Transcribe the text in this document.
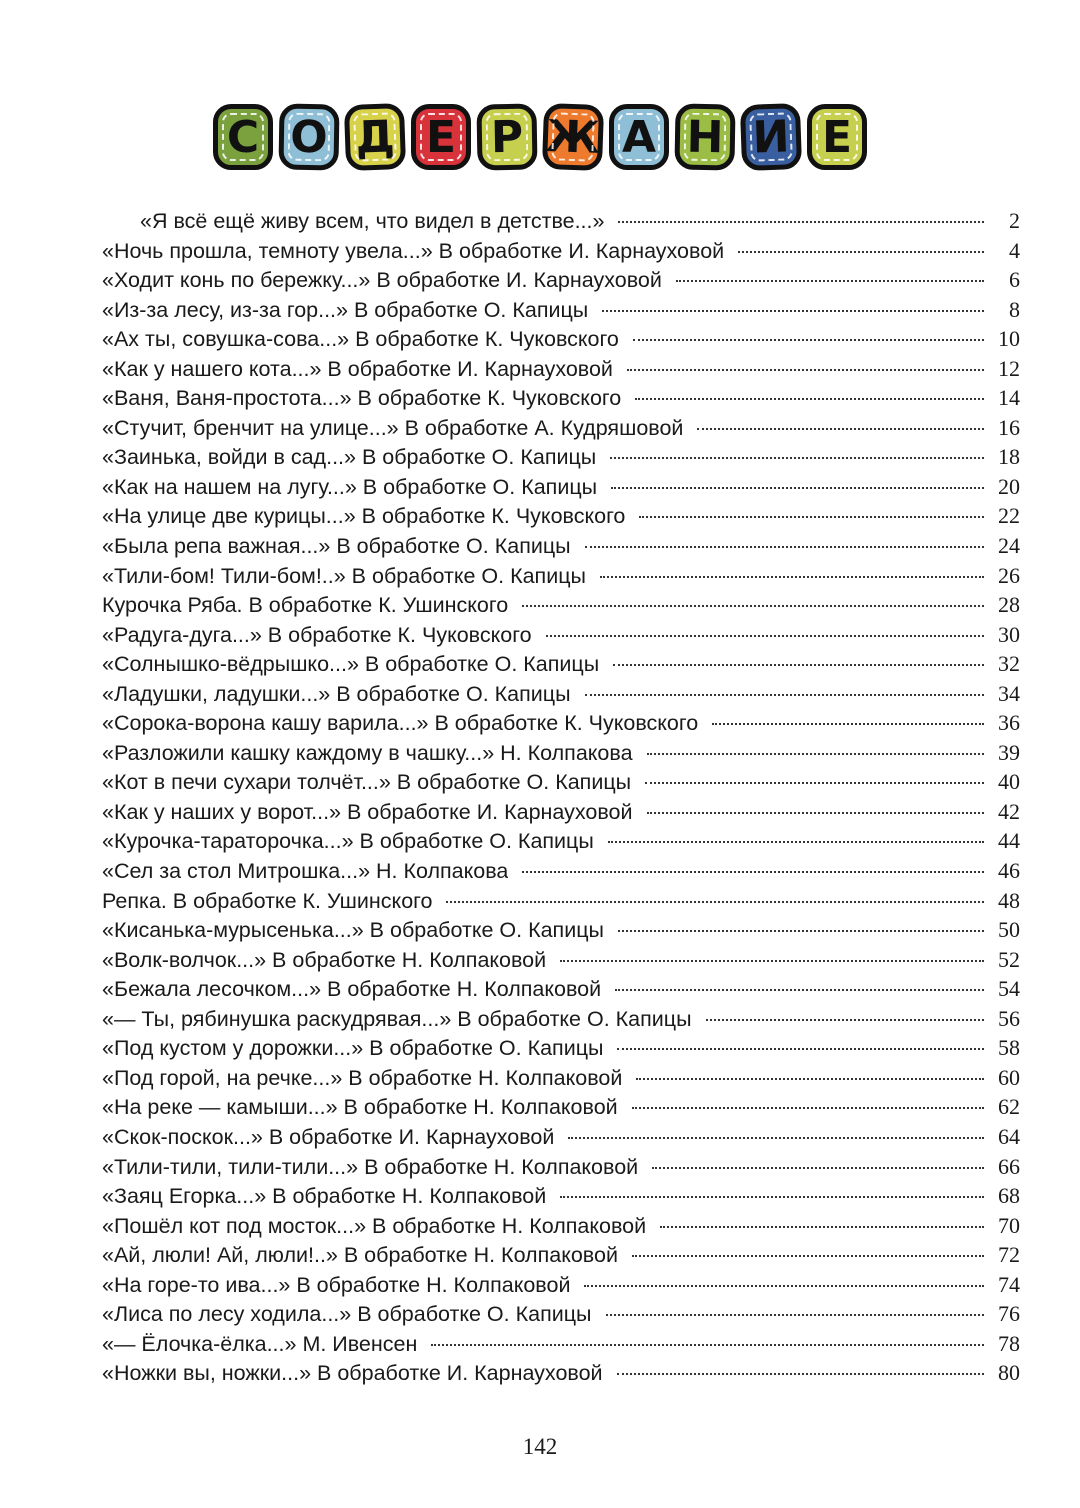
С О Д Е Р Ж А Н И Е
«Я всё ещё живу всем, что видел в детстве...»	2
«Ночь прошла, темноту увела...» В обработке И. Карнауховой	4
«Ходит конь по бережку...» В обработке И. Карнауховой	6
«Из-за лесу, из-за гор...» В обработке О. Капицы	8
«Ах ты, совушка-сова...» В обработке К. Чуковского	10
«Как у нашего кота...» В обработке И. Карнауховой	12
«Ваня, Ваня-простота...» В обработке К. Чуковского	14
«Стучит, бренчит на улице...» В обработке А. Кудряшовой	16
«Заинька, войди в сад...» В обработке О. Капицы	18
«Как на нашем на лугу...» В обработке О. Капицы	20
«На улице две курицы...» В обработке К. Чуковского	22
«Была репа важная...» В обработке О. Капицы	24
«Тили-бом! Тили-бом!..» В обработке О. Капицы	26
Курочка Ряба. В обработке К. Ушинского	28
«Радуга-дуга...» В обработке К. Чуковского	30
«Солнышко-вёдрышко...» В обработке О. Капицы	32
«Ладушки, ладушки...» В обработке О. Капицы	34
«Сорока-ворона кашу варила...» В обработке К. Чуковского	36
«Разложили кашку каждому в чашку...» Н. Колпакова	39
«Кот в печи сухари толчёт...» В обработке О. Капицы	40
«Как у наших у ворот...» В обработке И. Карнауховой	42
«Курочка-тараторочка...» В обработке О. Капицы	44
«Сел за стол Митрошка...» Н. Колпакова	46
Репка. В обработке К. Ушинского	48
«Кисанька-мурысенька...» В обработке О. Капицы	50
«Волк-волчок...» В обработке Н. Колпаковой	52
«Бежала лесочком...» В обработке Н. Колпаковой	54
«— Ты, рябинушка раскудрявая...» В обработке О. Капицы	56
«Под кустом у дорожки...» В обработке О. Капицы	58
«Под горой, на речке...» В обработке Н. Колпаковой	60
«На реке — камыши...» В обработке Н. Колпаковой	62
«Скок-поскок...» В обработке И. Карнауховой	64
«Тили-тили, тили-тили...» В обработке Н. Колпаковой	66
«Заяц Егорка...» В обработке Н. Колпаковой	68
«Пошёл кот под мосток...» В обработке Н. Колпаковой	70
«Ай, люли! Ай, люли!..» В обработке Н. Колпаковой	72
«На горе-то ива...» В обработке Н. Колпаковой	74
«Лиса по лесу ходила...» В обработке О. Капицы	76
«— Ёлочка-ёлка...» М. Ивенсен	78
«Ножки вы, ножки...» В обработке И. Карнауховой	80
142
